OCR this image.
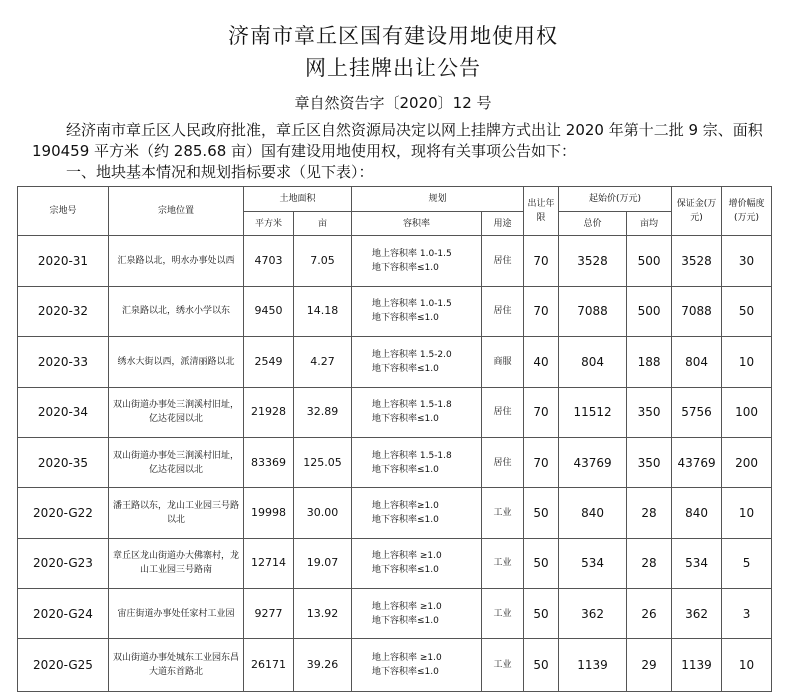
济南市章丘区国有建设用地使用权
网上挂牌出让公告
章自然资告字〔2020〕12 号
经济南市章丘区人民政府批准，章丘区自然资源局决定以网上挂牌方式出让 2020 年第十二批 9 宗、面积 190459 平方米（约 285.68 亩）国有建设用地使用权，现将有关事项公告如下：
一、地块基本情况和规划指标要求（见下表）：
宗地号	宗地位置	土地面积		规划		出让年限	起始价(万元)		保证金(万元)	增价幅度(万元)
		平方米	亩	容积率	用途		总价	亩均		
2020-31	汇泉路以北，明水办事处以西	4703	7.05	地上容积率 1.0-1.5
地下容积率≤1.0	居住	70	3528	500	3528	30
2020-32	汇泉路以北，绣水小学以东	9450	14.18	地上容积率 1.0-1.5
地下容积率≤1.0	居住	70	7088	500	7088	50
2020-33	绣水大街以西，派清丽路以北	2549	4.27	地上容积率 1.5-2.0
地下容积率≤1.0	商服	40	804	188	804	10
2020-34	双山街道办事处三涧溪村旧址，亿达花园以北	21928	32.89	地上容积率 1.5-1.8
地下容积率≤1.0	居住	70	11512	350	5756	100
2020-35	双山街道办事处三涧溪村旧址，亿达花园以北	83369	125.05	地上容积率 1.5-1.8
地下容积率≤1.0	居住	70	43769	350	43769	200
2020-G22	潘王路以东，龙山工业园三号路以北	19998	30.00	地上容积率≥1.0
地下容积率≤1.0	工业	50	840	28	840	10
2020-G23	章丘区龙山街道办大佛寨村，龙山工业园三号路南	12714	19.07	地上容积率 ≥1.0
地下容积率≤1.0	工业	50	534	28	534	5
2020-G24	宙庄街道办事处任家村工业园	9277	13.92	地上容积率 ≥1.0
地下容积率≤1.0	工业	50	362	26	362	3
2020-G25	双山街道办事处城东工业园东昌大道东首路北	26171	39.26	地上容积率 ≥1.0
地下容积率≤1.0	工业	50	1139	29	1139	10
